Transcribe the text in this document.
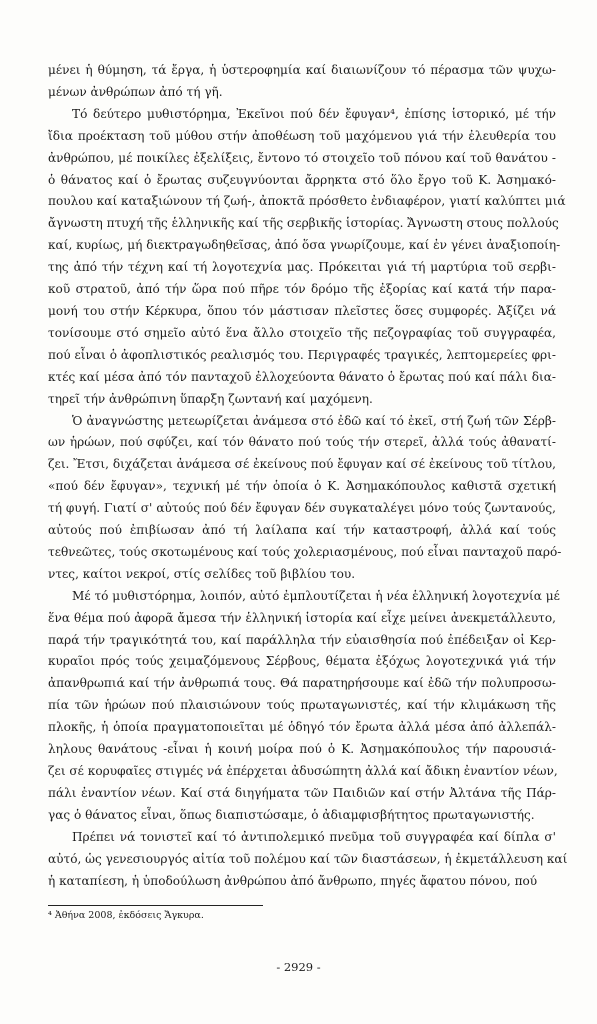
μένει ἡ θύμηση, τά ἔργα, ἡ ὑστεροφημία καί διαιωνίζουν τό πέρασμα τῶν ψυχω-
μένων ἀνθρώπων ἀπό τή γῆ.

Τό δεύτερο μυθιστόρημα, Ἐκεῖνοι πού δέν ἔφυγαν⁴, ἐπίσης ἱστορικό, μέ τήν
ἴδια προέκταση τοῦ μύθου στήν ἀποθέωση τοῦ μαχόμενου γιά τήν ἐλευθερία του
ἀνθρώπου, μέ ποικίλες ἐξελίξεις, ἔντονο τό στοιχεῖο τοῦ πόνου καί τοῦ θανάτου -
ὁ θάνατος καί ὁ ἔρωτας συζευγνύονται ἄρρηκτα στό ὅλο ἔργο τοῦ Κ. Ἀσημακό-
πουλου καί καταξιώνουν τή ζωή-, ἀποκτᾶ πρόσθετο ἐνδιαφέρον, γιατί καλύπτει μιά
ἄγνωστη πτυχή τῆς ἑλληνικῆς καί τῆς σερβικῆς ἱστορίας. Ἄγνωστη στους πολλούς
καί, κυρίως, μή διεκτραγωδηθεῖσας, ἀπό ὅσα γνωρίζουμε, καί ἐν γένει ἀναξιοποίη-
της ἀπό τήν τέχνη καί τή λογοτεχνία μας. Πρόκειται γιά τή μαρτύρια τοῦ σερβι-
κοῦ στρατοῦ, ἀπό τήν ὥρα πού πῆρε τόν δρόμο τῆς ἐξορίας καί κατά τήν παρα-
μονή του στήν Κέρκυρα, ὅπου τόν μάστισαν πλεῖστες ὅσες συμφορές. Ἀξίζει νά
τονίσουμε στό σημεῖο αὐτό ἕνα ἄλλο στοιχεῖο τῆς πεζογραφίας τοῦ συγγραφέα,
πού εἶναι ὁ ἀφοπλιστικός ρεαλισμός του. Περιγραφές τραγικές, λεπτομερείες φρι-
κτές καί μέσα ἀπό τόν πανταχοῦ ἐλλοχεύοντα θάνατο ὁ ἔρωτας πού καί πάλι δια-
τηρεῖ τήν ἀνθρώπινη ὕπαρξη ζωντανή καί μαχόμενη.

Ὁ ἀναγνώστης μετεωρίζεται ἀνάμεσα στό ἐδῶ καί τό ἐκεῖ, στή ζωή τῶν Σέρβ-
ων ἡρώων, πού σφύζει, καί τόν θάνατο πού τούς τήν στερεῖ, ἀλλά τούς ἀθανατί-
ζει. Ἔτσι, διχάζεται ἀνάμεσα σέ ἐκείνους πού ἔφυγαν καί σέ ἐκείνους τοῦ τίτλου,
«πού δέν ἔφυγαν», τεχνική μέ τήν ὁποία ὁ Κ. Ἀσημακόπουλος καθιστᾶ σχετική
τή φυγή. Γιατί σ' αὐτούς πού δέν ἔφυγαν δέν συγκαταλέγει μόνο τούς ζωντανούς,
αὐτούς πού ἐπιβίωσαν ἀπό τή λαίλαπα καί τήν καταστροφή, ἀλλά καί τούς
τεθνεῶτες, τούς σκοτωμένους καί τούς χολεριασμένους, πού εἶναι πανταχοῦ παρό-
ντες, καίτοι νεκροί, στίς σελίδες τοῦ βιβλίου του.

Μέ τό μυθιστόρημα, λοιπόν, αὐτό ἐμπλουτίζεται ἡ νέα ἑλληνική λογοτεχνία μέ
ἕνα θέμα πού ἀφορᾶ ἄμεσα τήν ἑλληνική ἱστορία καί εἶχε μείνει ἀνεκμετάλλευτο,
παρά τήν τραγικότητά του, καί παράλληλα τήν εὐαισθησία πού ἐπέδειξαν οἱ Κερ-
κυραῖοι πρός τούς χειμαζόμενους Σέρβους, θέματα ἐξόχως λογοτεχνικά γιά τήν
ἀπανθρωπιά καί τήν ἀνθρωπιά τους. Θά παρατηρήσουμε καί ἐδῶ τήν πολυπροσω-
πία τῶν ἡρώων πού πλαισιώνουν τούς πρωταγωνιστές, καί τήν κλιμάκωση τῆς
πλοκῆς, ἡ ὁποία πραγματοποιεῖται μέ ὁδηγό τόν ἔρωτα ἀλλά μέσα ἀπό ἀλλεπάλ-
ληλους θανάτους -εἶναι ἡ κοινή μοίρα πού ὁ Κ. Ἀσημακόπουλος τήν παρουσιά-
ζει σέ κορυφαῖες στιγμές νά ἐπέρχεται ἀδυσώπητη ἀλλά καί ἄδικη ἐναντίον νέων,
πάλι ἐναντίον νέων. Καί στά διηγήματα τῶν Παιδιῶν καί στήν Ἀλτάνα τῆς Πάρ-
γας ὁ θάνατος εἶναι, ὅπως διαπιστώσαμε, ὁ ἀδιαμφισβήτητος πρωταγωνιστής.

Πρέπει νά τονιστεῖ καί τό ἀντιπολεμικό πνεῦμα τοῦ συγγραφέα καί δίπλα σ'
αὐτό, ὡς γενεσιουργός αἰτία τοῦ πολέμου καί τῶν διαστάσεων, ἡ ἐκμετάλλευση καί
ἡ καταπίεση, ἡ ὑποδούλωση ἀνθρώπου ἀπό ἄνθρωπο, πηγές ἄφατου πόνου, πού

⁴ Ἀθήνα 2008, ἐκδόσεις Ἄγκυρα.
- 2929 -
